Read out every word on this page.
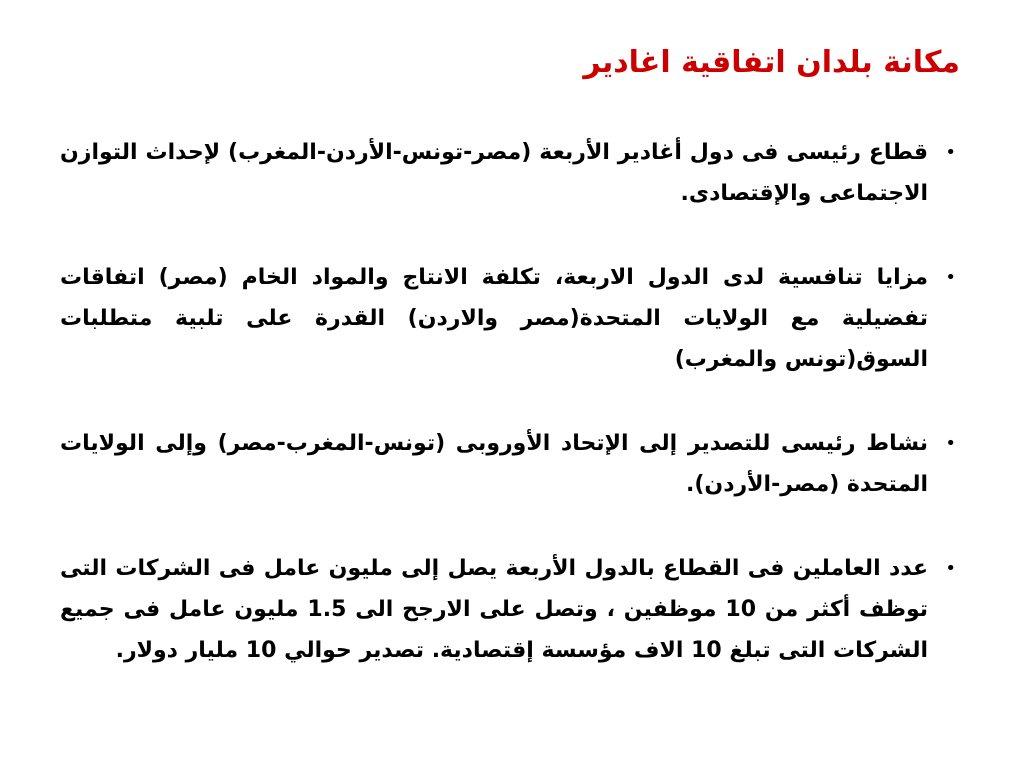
مكانة بلدان اتفاقية اغادير
•
قطاع رئيسى فى دول أغادير الأربعة (مصر-تونس-الأردن-المغرب) لإحداث التوازن الاجتماعى والإقتصادى.
•
مزايا تنافسية لدى الدول الاربعة، تكلفة الانتاج والمواد الخام (مصر) اتفاقات تفضيلية مع الولايات المتحدة(مصر والاردن) القدرة على تلبية متطلبات السوق(تونس والمغرب)
•
نشاط رئيسى للتصدير إلى الإتحاد الأوروبى (تونس-المغرب-مصر) وإلى الولايات المتحدة (مصر-الأردن).
•
عدد العاملين فى القطاع بالدول الأربعة يصل إلى مليون عامل فى الشركات التى توظف أكثر من 10 موظفين ، وتصل على الارجح الى 1.5 مليون عامل فى جميع الشركات التى تبلغ 10 الاف مؤسسة إقتصادية. تصدير حوالي 10 مليار دولار.
